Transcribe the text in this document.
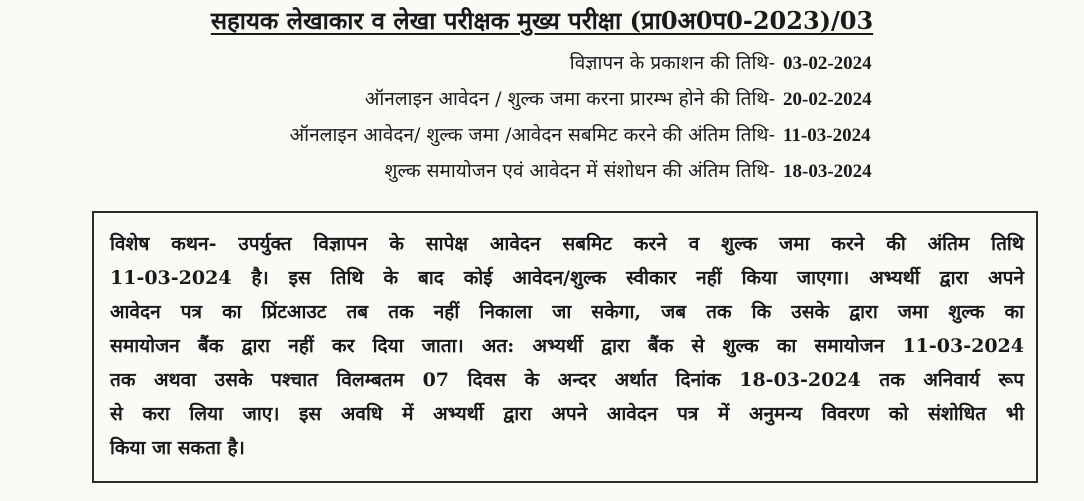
सहायक लेखाकार व लेखा परीक्षक मुख्य परीक्षा (प्रा0अ0प0-2023)/03
विज्ञापन के प्रकाशन की तिथि- 03-02-2024
ऑनलाइन आवेदन / शुल्क जमा करना प्रारम्भ होने की तिथि- 20-02-2024
ऑनलाइन आवेदन/ शुल्क जमा /आवेदन सबमिट करने की अंतिम तिथि- 11-03-2024
शुल्क समायोजन एवं आवेदन में संशोधन की अंतिम तिथि- 18-03-2024
विशेष कथन- उपर्युक्त विज्ञापन के सापेक्ष आवेदन सबमिट करने व शुल्क जमा करने की अंतिम तिथि
11-03-2024 है। इस तिथि के बाद कोई आवेदन/शुल्क स्वीकार नहीं किया जाएगा। अभ्यर्थी द्वारा अपने
आवेदन पत्र का प्रिंटआउट तब तक नहीं निकाला जा सकेगा, जब तक कि उसके द्वारा जमा शुल्क का
समायोजन बैंक द्वारा नहीं कर दिया जाता। अत: अभ्यर्थी द्वारा बैंक से शुल्क का समायोजन 11-03-2024
तक अथवा उसके पश्चात विलम्बतम 07 दिवस के अन्दर अर्थात दिनांक 18-03-2024 तक अनिवार्य रूप
से करा लिया जाए। इस अवधि में अभ्यर्थी द्वारा अपने आवेदन पत्र में अनुमन्य विवरण को संशोधित भी
किया जा सकता है।
